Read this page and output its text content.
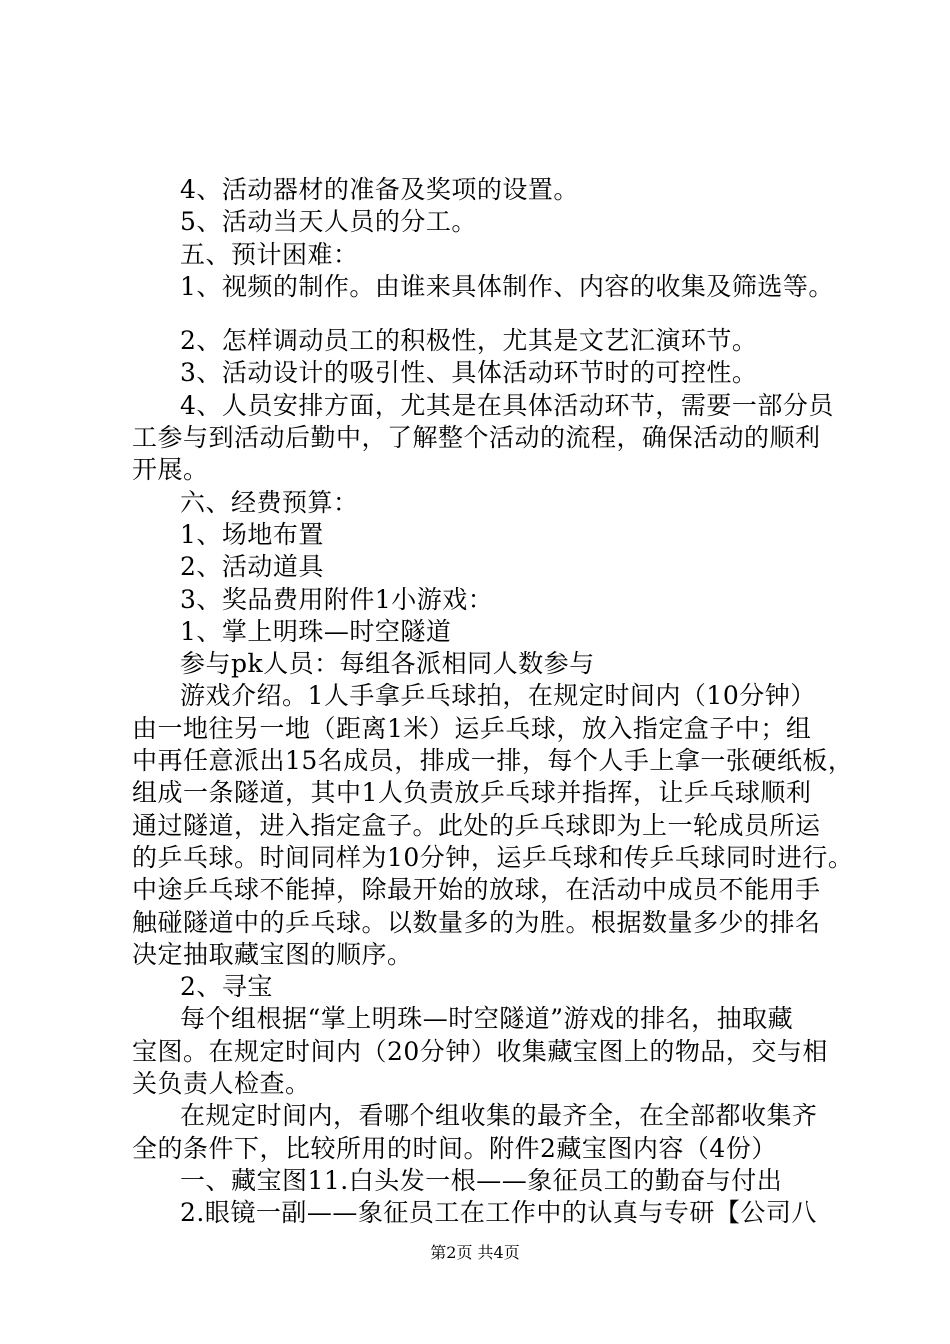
4、活动器材的准备及奖项的设置。
5、活动当天人员的分工。
五、预计困难：
1、视频的制作。由谁来具体制作、内容的收集及筛选等。
2、怎样调动员工的积极性，尤其是文艺汇演环节。
3、活动设计的吸引性、具体活动环节时的可控性。
4、人员安排方面，尤其是在具体活动环节，需要一部分员
工参与到活动后勤中，了解整个活动的流程，确保活动的顺利
开展。
六、经费预算：
1、场地布置
2、活动道具
3、奖品费用附件1小游戏：
1、掌上明珠—时空隧道
参与pk人员：每组各派相同人数参与
游戏介绍。1人手拿乒乓球拍，在规定时间内（10分钟）
由一地往另一地（距离1米）运乒乓球，放入指定盒子中；组
中再任意派出15名成员，排成一排，每个人手上拿一张硬纸板，
组成一条隧道，其中1人负责放乒乓球并指挥，让乒乓球顺利
通过隧道，进入指定盒子。此处的乒乓球即为上一轮成员所运
的乒乓球。时间同样为10分钟，运乒乓球和传乒乓球同时进行。
中途乒乓球不能掉，除最开始的放球，在活动中成员不能用手
触碰隧道中的乒乓球。以数量多的为胜。根据数量多少的排名
决定抽取藏宝图的顺序。
2、寻宝
每个组根据“掌上明珠—时空隧道”游戏的排名，抽取藏
宝图。在规定时间内（20分钟）收集藏宝图上的物品，交与相
关负责人检查。
在规定时间内，看哪个组收集的最齐全，在全部都收集齐
全的条件下，比较所用的时间。附件2藏宝图内容（4份）
一、藏宝图11.白头发一根——象征员工的勤奋与付出
2.眼镜一副——象征员工在工作中的认真与专研【公司八
第2页 共4页
